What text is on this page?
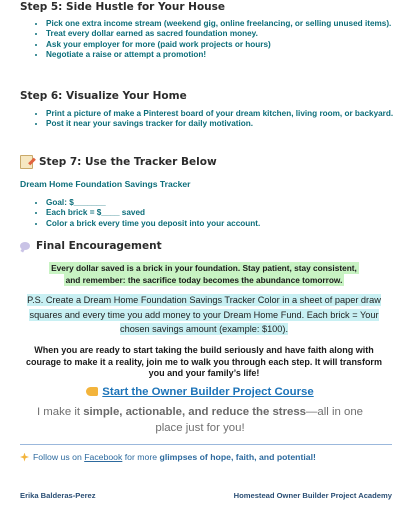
Step 5: Side Hustle for Your House
• Pick one extra income stream (weekend gig, online freelancing, or selling unused items).
• Treat every dollar earned as sacred foundation money.
• Ask your employer for more (paid work projects or hours)
• Negotiate a raise or attempt a promotion!
Step 6: Visualize Your Home
• Print a picture of make a Pinterest board of your dream kitchen, living room, or backyard.
• Post it near your savings tracker for daily motivation.
Step 7: Use the Tracker Below
Dream Home Foundation Savings Tracker
• Goal: $_______
• Each brick = $____ saved
• Color a brick every time you deposit into your account.
Final Encouragement
Every dollar saved is a brick in your foundation. Stay patient, stay consistent, and remember: the sacrifice today becomes the abundance tomorrow.
P.S. Create a Dream Home Foundation Savings Tracker Color in a sheet of paper draw squares and every time you add money to your Dream Home Fund. Each brick = Your chosen savings amount (example: $100).
When you are ready to start taking the build seriously and have faith along with courage to make it a reality, join me to walk you through each step. It will transform you and your family’s life!
Start the Owner Builder Project Course
I make it simple, actionable, and reduce the stress—all in one place just for you!
Follow us on Facebook for more glimpses of hope, faith, and potential!
Erika Balderas-Perez	Homestead Owner Builder Project Academy
